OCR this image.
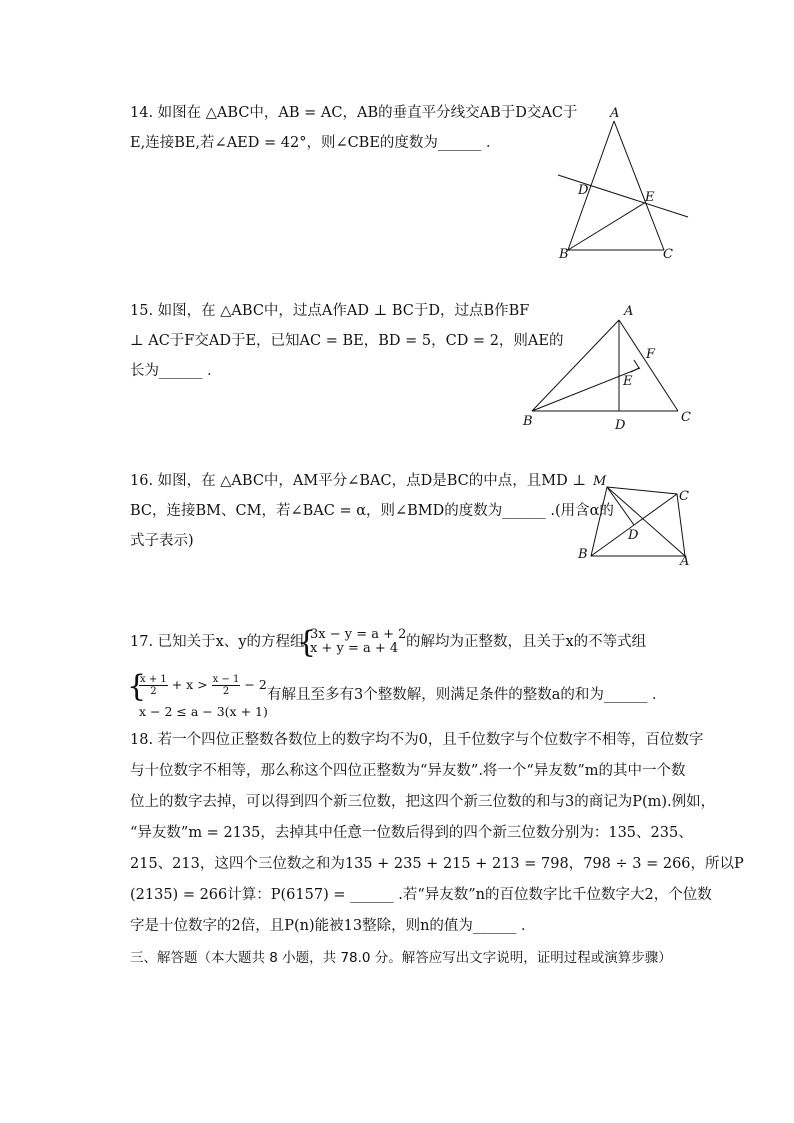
14. 如图在 △ABC中，AB = AC，AB的垂直平分线交AB于D交AC于
E,连接BE,若∠AED = 42°，则∠CBE的度数为______ ．
A
D	E
B	C
15. 如图，在 △ABC中，过点A作AD ⊥ BC于D，过点B作BF
⊥ AC于F交AD于E，已知AC = BE，BD = 5，CD = 2，则AE的
长为______ ．
A
F
E
B	D
C
16. 如图，在 △ABC中，AM平分∠BAC，点D是BC的中点，且MD ⊥
BC，连接BM、CM，若∠BAC = α，则∠BMD的度数为______ .(用含α的
式子表示)
M
C
D
B	A
17. 已知关于x、y的方程组
{
3x − y = a + 2
x + y = a + 4 的解均为正整数，且关于x的不等式组
{
$\frac{x + 1}{2} + x > \frac{x - 1}{2} - 2$
x − 2 ≤ a − 3(x + 1)
有解且至多有3个整数解，则满足条件的整数a的和为______ ．
18. 若一个四位正整数各数位上的数字均不为0，且千位数字与个位数字不相等，百位数字
与十位数字不相等，那么称这个四位正整数为“异友数”.将一个“异友数”m的其中一个数
位上的数字去掉，可以得到四个新三位数，把这四个新三位数的和与3的商记为P(m).例如，
“异友数”m = 2135，去掉其中任意一位数后得到的四个新三位数分别为：135、235、
215、213，这四个三位数之和为135 + 235 + 215 + 213 = 798，798 ÷ 3 = 266，所以P
(2135) = 266计算：P(6157) = ______ .若“异友数”n的百位数字比千位数字大2，个位数
字是十位数字的2倍，且P(n)能被13整除，则n的值为______ ．
三、解答题（本大题共 8 小题，共 78.0 分。解答应写出文字说明，证明过程或演算步骤）
